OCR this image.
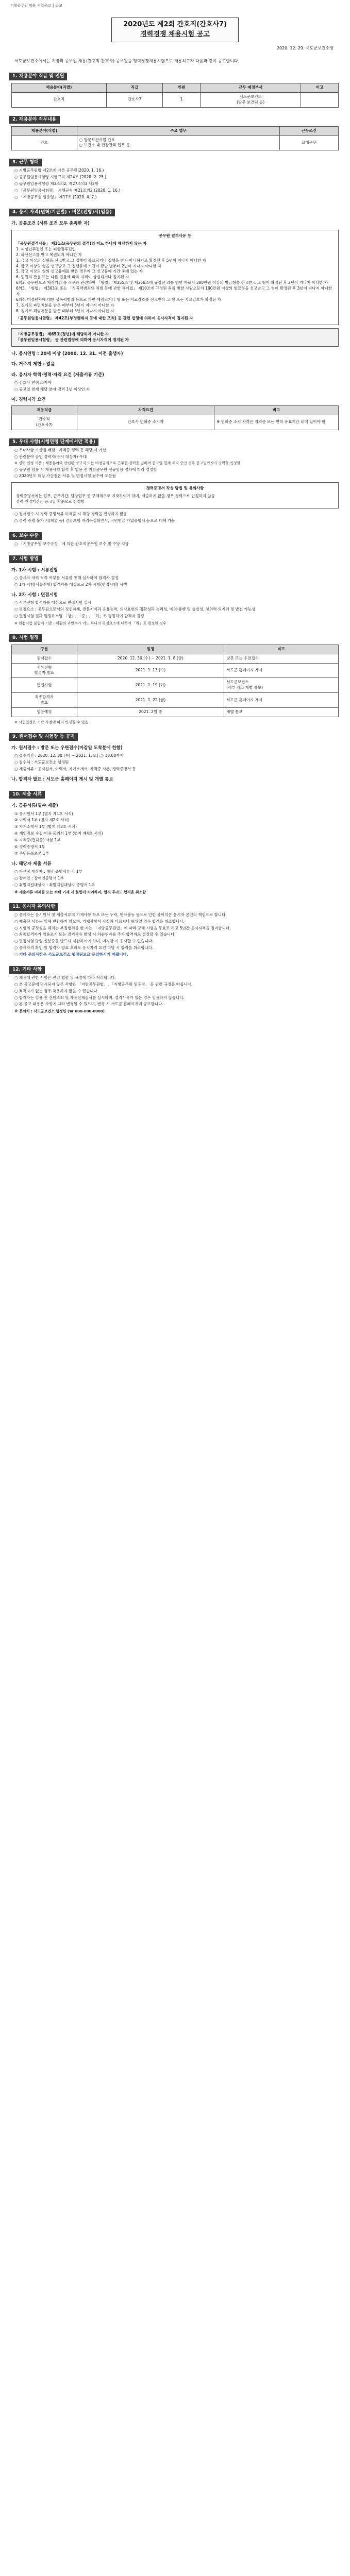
지방공무원 임용 시험공고 │ 공고
2020년도 제2회 간호직(간호사7)
경력경쟁 채용시험 공고
2020. 12. 29. 서도군보건소장
서도군보건소에서는 지방의 공무원 채용(간호직 간호사) 공무원을 경력경쟁채용시험으로 채용하고자 다음과 같이 공고합니다.
1. 채용분야 직급 및 인원
채용분야(직렬)	직급	인원	근무 예정부서	비고
간호직	간호사7	1	서도군보건소
(방문 보건팀 등)	
2. 채용분야 직무내용
채용분야(직렬)	주요 업무	근무조건
간호	○ 방문보건사업 간호
○ 보건소 내 건강관리 업무 등	교대근무
3. 근무 형태
○ 지방공무원법 제2조에 따른 공무원(2020. 1. 16.)
○ 공무원임용시험령 시행규칙 제24조 (2020. 2. 25.)
○ 공무원임용시험령 제3조의2, 제27조의3 제2항
○ 「공무원임용시험령」 시행규칙 제21조의2 (2020. 1. 16.)
○ 「지방공무원 임용령」 제17조 (2020. 4. 7.)
4. 응시 자격(면허/기관별) : 비본(전형)시(임용)
가. 공통조건 (서류 조건 모두 충족한 자)
공무원 결격사유 등
「공무원결격사유」 제31조(공무원의 결격)의 어느 하나에 해당하지 않는 자
1. 피성년후견인 또는 피한정후견인
2. 파산선고를 받고 복권되지 아니한 자
3. 금고 이상의 실형을 선고받고 그 집행이 종료되거나 집행을 받지 아니하기로 확정된 후 5년이 지나지 아니한 자
4. 금고 이상의 형을 선고받고 그 집행유예 기간이 끝난 날부터 2년이 지나지 아니한 자
5. 금고 이상의 형의 선고유예를 받은 경우에 그 선고유예 기간 중에 있는 자
6. 법원의 판결 또는 다른 법률에 따라 자격이 상실되거나 정지된 자
6의2. 공무원으로 재직기간 중 직무와 관련하여 「형법」 제355조 및 제356조에 규정된 죄를 범한 자로서 300만원 이상의 벌금형을 선고받고 그 형이 확정된 후 2년이 지나지 아니한 자
6의3. 「형법」 제303조 또는 「성폭력범죄의 처벌 등에 관한 특례법」 제10조에 규정된 죄를 범한 사람으로서 100만원 이상의 벌금형을 선고받고 그 형이 확정된 후 3년이 지나지 아니한 자
6의4. 미성년자에 대한 성폭력범죄 등으로 파면·해임되거나 형 또는 치료감호를 선고받아 그 형 또는 치료감호가 확정된 자
7. 징계로 파면처분을 받은 때부터 5년이 지나지 아니한 자
8. 징계로 해임처분을 받은 때부터 3년이 지나지 아니한 자
「공무원임용시험령」 제42조(부정행위자 등에 대한 조치) 등 관련 법령에 의하여 응시자격이 정지된 자
「지방공무원법」 제65조(정년)에 해당하지 아니한 자
「공무원임용시험령」 등 관련법령에 의하여 응시자격이 정지된 자
나. 응시연령 : 20세 이상 (2000. 12. 31. 이전 출생자)
다. 거주지 제한 : 없음
라. 응시자 학력·경력·자격 요건 (제출서류 기준)
○ 간호사 면허 소지자
○ 공고일 현재 해당 분야 경력 1년 이상인 자
마. 경력자격 요건
채용직급	자격요건	비고
간호직
(간호사7)	간호사 면허증 소지자	※ 면허증 소지 자격은 자격증 또는 면허 유효기간 내에 있어야 함
5. 우대 사항(시행연령 단계에서만 적용)
○ 우대사항 가산점 배점 : 자격증·경력 등 해당 시 가산
○ 관련분야 공인 경력자(응시 대상자) 우대
※ 경력 인정 기준 : 채용분야와 관련된 정규직 또는 비정규직으로 근무한 경력을 말하며 공고일 현재 재직 중인 경우 공고일까지의 경력을 인정함
○ 공무원 임용 시 채용시험 합격 후 임용 전 지방공무원 신규임용 절차에 따라 결정함
○ 2020년도 해당 가산점은 서류 및 면접시험 점수에 포함됨
경력증명서 작성 방법 및 유의사항
경력증명서에는 업무, 근무기간, 담당업무 등 구체적으로 기재하여야 하며, 제출하지 않을 경우 경력으로 인정하지 않음
경력 인정기간은 공고일 기준으로 산정함
○ 원서접수 시 경력 증빙서류 미제출 시 해당 경력을 인정하지 않음
○ 경력 증명 불가 시(폐업 등) 건강보험 자격득실확인서, 국민연금 가입증명서 등으로 대체 가능
6. 보수 수준
○ 「지방공무원 보수규정」에 의한 간호직공무원 보수 및 수당 지급
7. 시험 방법
가. 1차 시험 : 서류전형
○ 응시자 자격 적격 여부를 서류를 통해 심사하여 합격자 결정
○ 1차 시험(서류전형) 합격자를 대상으로 2차 시험(면접시험) 시행
나. 2차 시험 : 면접시험
○ 서류전형 합격자를 대상으로 면접시험 실시
○ 평정요소 : 공무원으로서의 정신자세, 전문지식과 응용능력, 의사표현의 정확성과 논리성, 예의·품행 및 성실성, 창의력·의지력 및 발전 가능성
○ 면접시험 결과 평정요소별 「상」, 「중」, 「하」로 평정하여 합격자 결정
※ 면접시험 불합격 기준 : 위원의 과반수가 어느 하나의 평정요소에 대하여 「하」로 평정한 경우
8. 시험 일정
구분	일정	비고
원서접수	2020. 12. 30.(수) ~ 2021. 1. 8.(금)	방문 또는 우편접수
서류전형
합격자 발표	2021. 1. 13.(수)	서도군 홈페이지 게시
면접시험	2021. 1. 19.(화)	서도군보건소
(세부 장소 개별 통보)
최종합격자
발표	2021. 1. 22.(금)	서도군 홈페이지 게시
임용예정	2021. 2월 중	개별 통보
※ 시험일정은 기관 사정에 따라 변경될 수 있음
9. 원서접수 및 시험장 등 공지
가. 원서접수 : 방문 또는 우편접수(마감일 도착분에 한함)
○ 접수기간 : 2020. 12. 30.(수) ~ 2021. 1. 8.(금) 18:00까지
○ 접수처 : 서도군보건소 행정팀
○ 제출서류 : 응시원서, 이력서, 자기소개서, 자격증 사본, 경력증명서 등
나. 합격자 발표 : 서도군 홈페이지 게시 및 개별 통보
10. 제출 서류
가. 공통서류(필수 제출)
① 응시원서 1부 (별지 제1호 서식)
② 이력서 1부 (별지 제2호 서식)
③ 자기소개서 1부 (별지 제3호 서식)
④ 개인정보 수집·이용 동의서 1부 (별지 제4호 서식)
⑤ 자격증(면허증) 사본 1부
⑥ 경력증명서 1부
⑦ 주민등록초본 1부
나. 해당자 제출 서류
○ 가산점 대상자 : 해당 증빙서류 각 1부
○ 장애인 : 장애인증명서 1부
○ 취업지원대상자 : 취업지원대상자 증명서 1부
※ 제출서류 미제출 또는 허위 기재 시 불합격 처리하며, 합격 후라도 합격을 취소함
11. 응시자 유의사항
○ 응시자는 응시원서 및 제출서류의 기재사항 착오 또는 누락, 연락불능 등으로 인한 불이익은 응시자 본인의 책임으로 합니다.
○ 제출된 서류는 일체 반환하지 않으며, 기재사항이 사실과 다르거나 허위일 경우 합격을 취소합니다.
○ 시험의 공정성을 해치는 부정행위를 한 자는 「지방공무원법」에 따라 당해 시험을 무효로 하고 5년간 응시자격을 정지합니다.
○ 최종합격자가 임용포기 또는 결격사유 발생 시 차순위자를 추가 합격자로 결정할 수 있습니다.
○ 면접시험 당일 신분증을 반드시 지참하여야 하며, 미지참 시 응시할 수 없습니다.
○ 응시자격 확인 및 합격자 발표 후라도 응시자격 요건 미달 시 합격을 취소합니다.
○ 기타 문의사항은 서도군보건소 행정팀으로 문의하시기 바랍니다.
12. 기타 사항
○ 채용에 관한 사항은 관련 법령 및 규정에 따라 처리합니다.
○ 본 공고문에 명시되지 않은 사항은 「지방공무원법」, 「지방공무원 임용령」 등 관련 규정을 따릅니다.
○ 적격자가 없는 경우 채용하지 않을 수 있습니다.
○ 합격자는 임용 전 신원조회 및 채용신체검사를 실시하며, 결격사유가 있는 경우 임용하지 않습니다.
○ 본 공고 내용은 사정에 따라 변경될 수 있으며, 변경 시 서도군 홈페이지에 공고합니다.
※ 문의처 : 서도군보건소 행정팀 (☎ 000-000-0000)
